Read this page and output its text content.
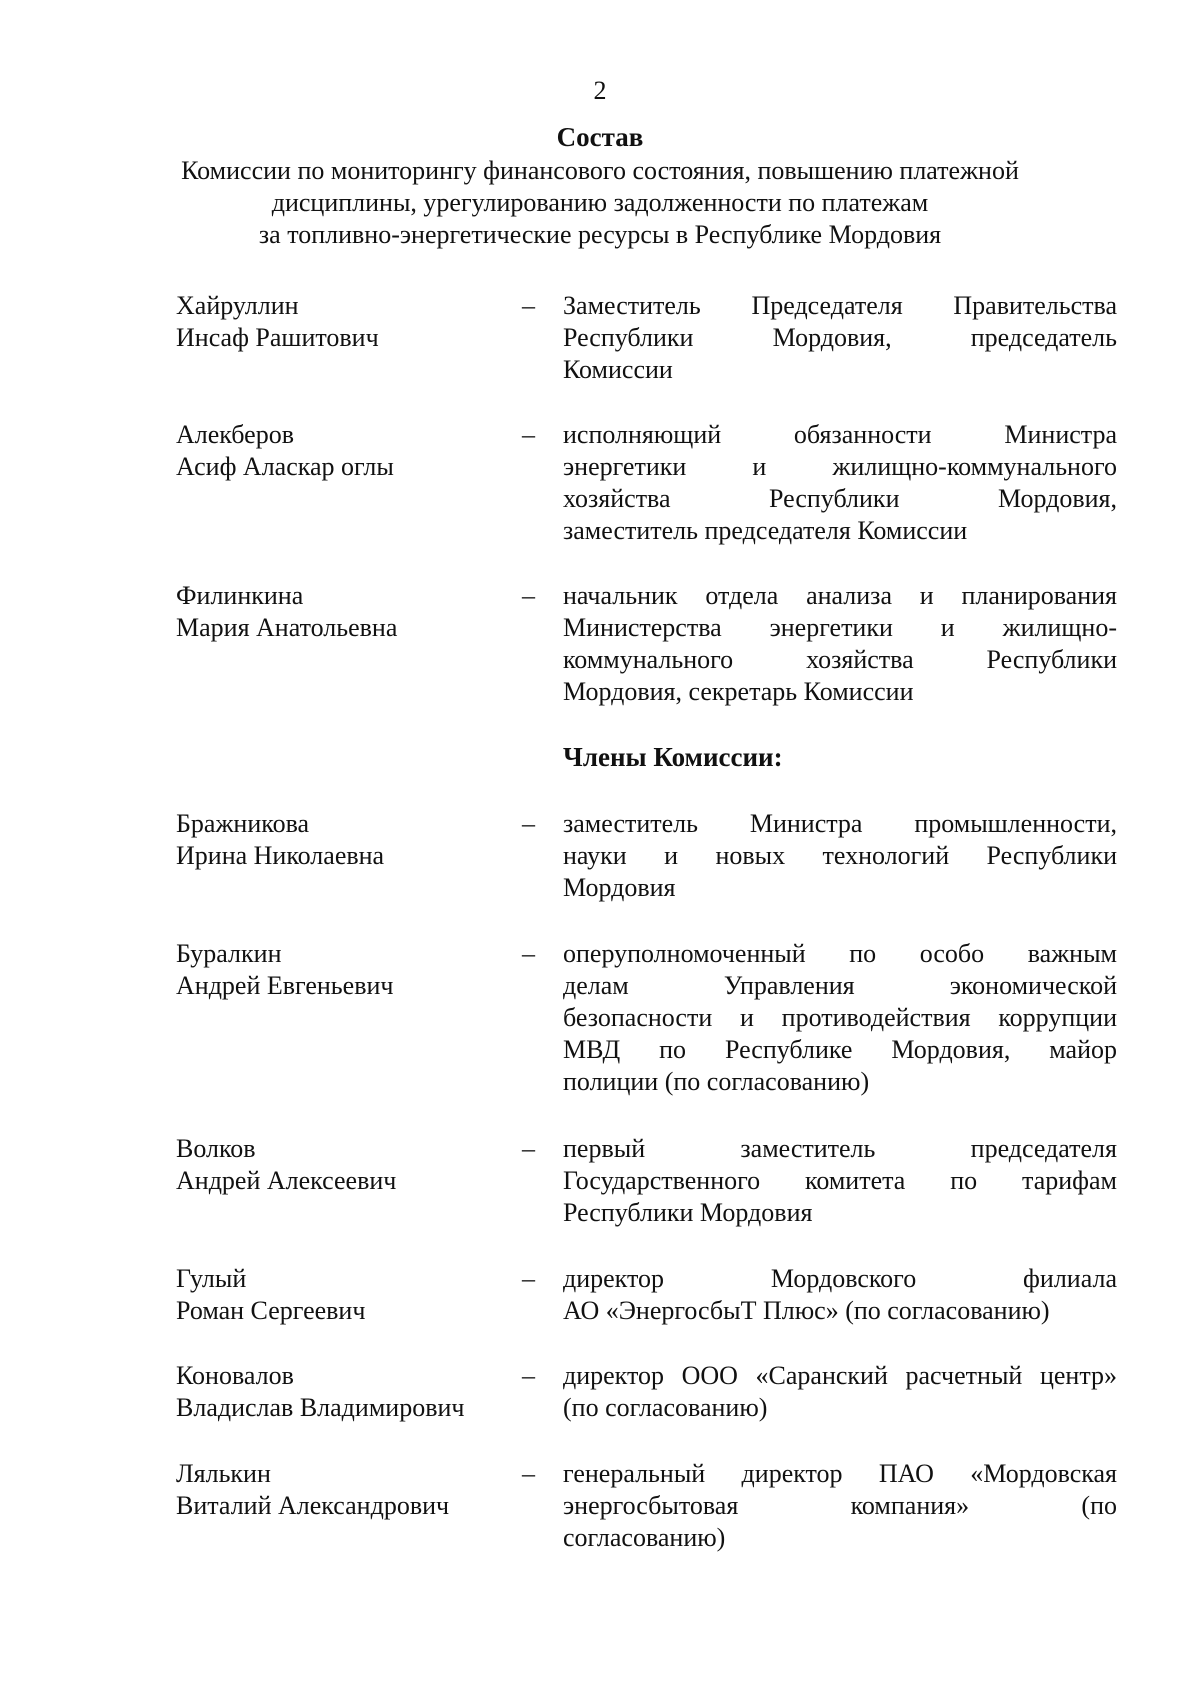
2
Состав
Комиссии по мониторингу финансового состояния, повышению платежной
дисциплины, урегулированию задолженности по платежам
за топливно-энергетические ресурсы в Республике Мордовия
Хайруллин
Инсаф Рашитович
– Заместитель Председателя Правительства
Республики Мордовия, председатель
Комиссии
Алекберов
Асиф Аласкар оглы
– исполняющий обязанности Министра
энергетики и жилищно-коммунального
хозяйства Республики Мордовия,
заместитель председателя Комиссии
Филинкина
Мария Анатольевна
– начальник отдела анализа и планирования
Министерства энергетики и жилищно-
коммунального хозяйства Республики
Мордовия, секретарь Комиссии
Члены Комиссии:
Бражникова
Ирина Николаевна
– заместитель Министра промышленности,
науки и новых технологий Республики
Мордовия
Буралкин
Андрей Евгеньевич
– оперуполномоченный по особо важным
делам Управления экономической
безопасности и противодействия коррупции
МВД по Республике Мордовия, майор
полиции (по согласованию)
Волков
Андрей Алексеевич
– первый заместитель председателя
Государственного комитета по тарифам
Республики Мордовия
Гулый
Роман Сергеевич
– директор Мордовского филиала
АО «ЭнергосбыТ Плюс» (по согласованию)
Коновалов
Владислав Владимирович
– директор ООО «Саранский расчетный центр»
(по согласованию)
Лялькин
Виталий Александрович
– генеральный директор ПАО «Мордовская
энергосбытовая компания» (по
согласованию)
